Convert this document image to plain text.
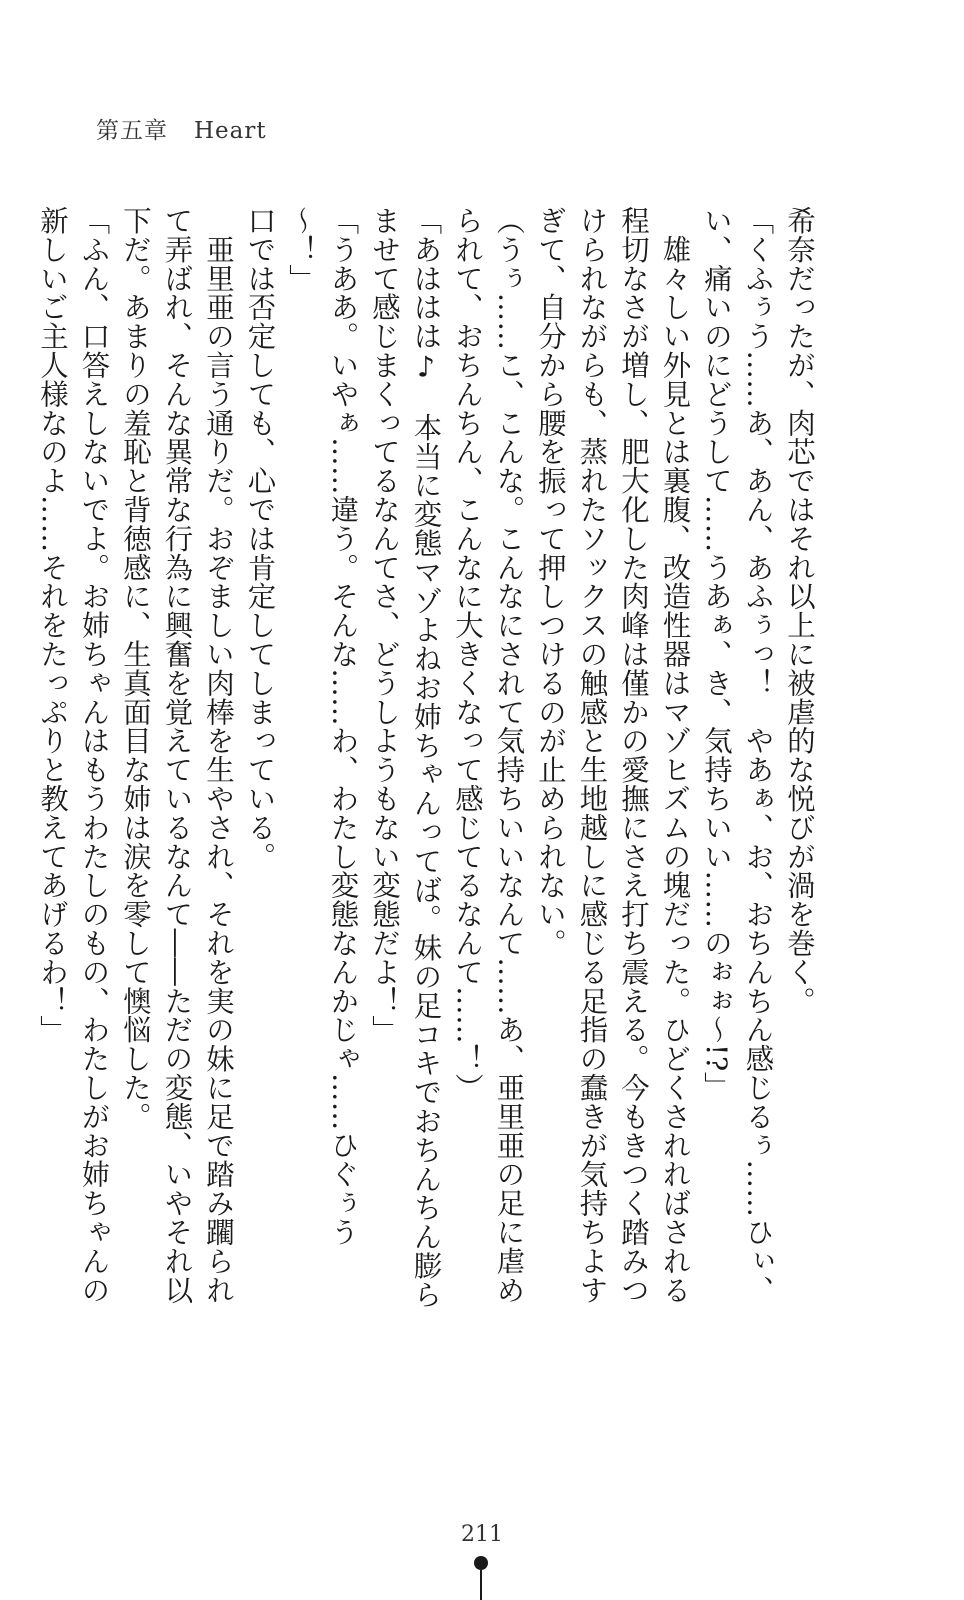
第五章 Heart

希奈だったが、肉芯ではそれ以上に被虐的な悦びが渦を巻く。

「くふぅう……あ、あん、あふぅっ！　やあぁ、お、おちんちん感じるぅ……ひぃ、い、痛いのにどうして……うあぁ、き、気持ちいい……のぉぉ～!?」

　雄々しい外見とは裏腹、改造性器はマゾヒズムの塊だった。ひどくされればされる程切なさが増し、肥大化した肉峰は僅かの愛撫にさえ打ち震える。今もきつく踏みつけられながらも、蒸れたソックスの触感と生地越しに感じる足指の蠢きが気持ちよすぎて、自分から腰を振って押しつけるのが止められない。

（うぅ……こ、こんな。こんなにされて気持ちいいなんて……あ、亜里亜の足に虐められて、おちんちん、こんなに大きくなって感じてるなんて……！）

「あははは♪　本当に変態マゾよねお姉ちゃんってば。妹の足コキでおちんちん膨らませて感じまくってるなんてさ、どうしようもない変態だよ！」

「うああ。いやぁ……違う。そんな……わ、わたし変態なんかじゃ……ひぐぅう～！」

口では否定しても、心では肯定してしまっている。

　亜里亜の言う通りだ。おぞましい肉棒を生やされ、それを実の妹に足で踏み躙られて弄ばれ、そんな異常な行為に興奮を覚えているなんて――ただの変態、いやそれ以下だ。あまりの羞恥と背徳感に、生真面目な姉は涙を零して懊悩した。

「ふん、口答えしないでよ。お姉ちゃんはもうわたしのもの、わたしがお姉ちゃんの新しいご主人様なのよ……それをたっぷりと教えてあげるわ！」

211
